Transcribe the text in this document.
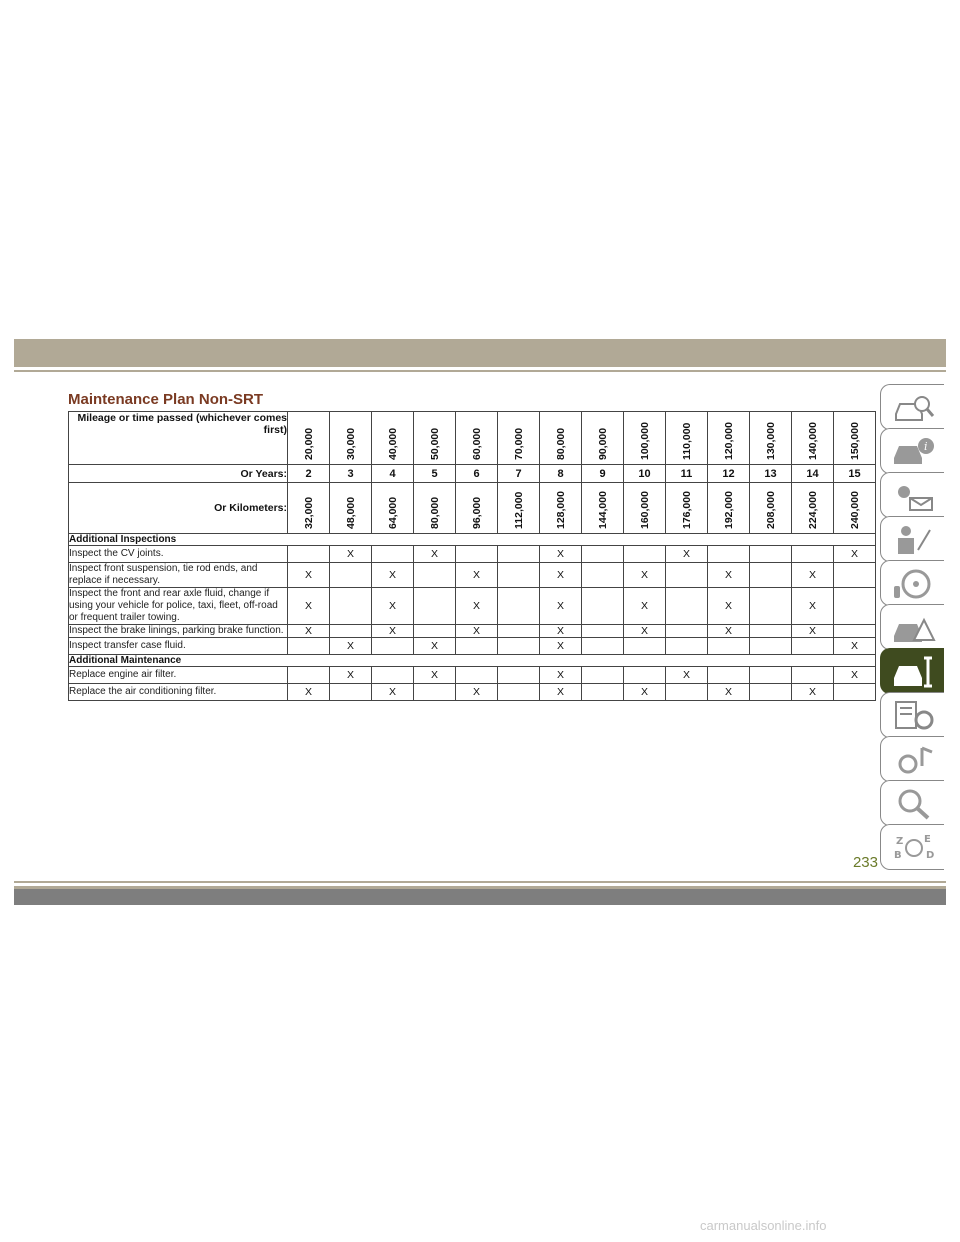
Maintenance Plan Non-SRT
Mileage or time passed (whichever comes first)	20,000	30,000	40,000	50,000	60,000	70,000	80,000	90,000	100,000	110,000	120,000	130,000	140,000	150,000

Or Years:	2	3	4	5	6	7	8	9	10	11	12	13	14	15
Or Kilometers:	32,000	48,000	64,000	80,000	96,000	112,000	128,000	144,000	160,000	176,000	192,000	208,000	224,000	240,000

Additional Inspections														
Inspect the CV joints.		X		X			X			X				X
Inspect front suspension, tie rod ends, and replace if necessary.	X		X		X		X		X		X		X	
Inspect the front and rear axle fluid, change if using your vehicle for police, taxi, fleet, off-road or frequent trailer towing.	X		X		X		X		X		X		X	
Inspect the brake linings, parking brake function.	X		X		X		X		X		X		X	
Inspect transfer case fluid.		X		X			X							X
Additional Maintenance														
Replace engine air filter.		X		X			X			X				X
Replace the air conditioning filter.	X		X		X		X		X		X		X	
i
Z E
B D
233
carmanualsonline.info
